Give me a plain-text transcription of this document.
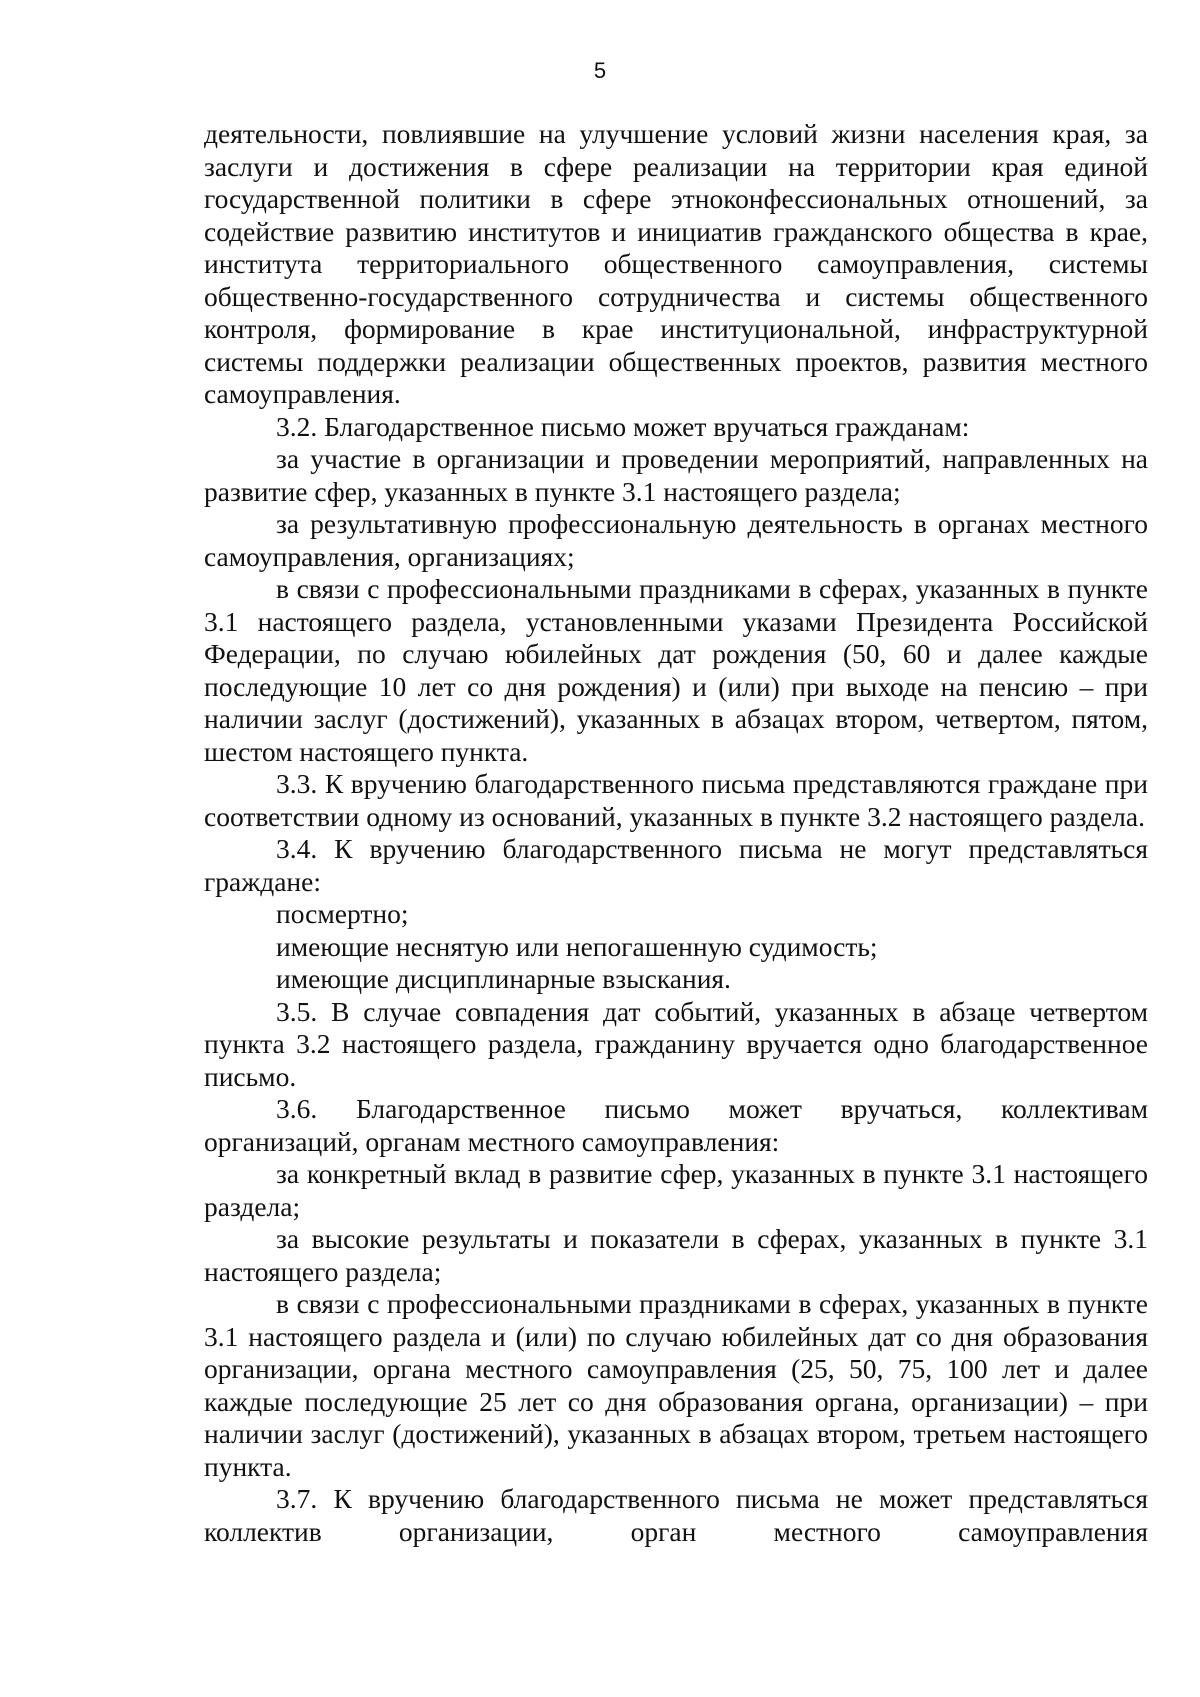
5

деятельности, повлиявшие на улучшение условий жизни населения края, за заслуги и достижения в сфере реализации на территории края единой государственной политики в сфере этноконфессиональных отношений, за содействие развитию институтов и инициатив гражданского общества в крае, института территориального общественного самоуправления, системы общественно-государственного сотрудничества и системы общественного контроля, формирование в крае институциональной, инфраструктурной системы поддержки реализации общественных проектов, развития местного самоуправления.

3.2. Благодарственное письмо может вручаться гражданам:

за участие в организации и проведении мероприятий, направленных на развитие сфер, указанных в пункте 3.1 настоящего раздела;

за результативную профессиональную деятельность в органах местного самоуправления, организациях;

в связи с профессиональными праздниками в сферах, указанных в пункте 3.1 настоящего раздела, установленными указами Президента Российской Федерации, по случаю юбилейных дат рождения (50, 60 и далее каждые последующие 10 лет со дня рождения) и (или) при выходе на пенсию – при наличии заслуг (достижений), указанных в абзацах втором, четвертом, пятом, шестом настоящего пункта.

3.3. К вручению благодарственного письма представляются граждане при соответствии одному из оснований, указанных в пункте 3.2 настоящего раздела.

3.4. К вручению благодарственного письма не могут представляться граждане:

посмертно;

имеющие неснятую или непогашенную судимость;

имеющие дисциплинарные взыскания.

3.5. В случае совпадения дат событий, указанных в абзаце четвертом пункта 3.2 настоящего раздела, гражданину вручается одно благодарственное письмо.

3.6. Благодарственное письмо может вручаться, коллективам организаций, органам местного самоуправления:

за конкретный вклад в развитие сфер, указанных в пункте 3.1 настоящего раздела;

за высокие результаты и показатели в сферах, указанных в пункте 3.1 настоящего раздела;

в связи с профессиональными праздниками в сферах, указанных в пункте 3.1 настоящего раздела и (или) по случаю юбилейных дат со дня образования организации, органа местного самоуправления (25, 50, 75, 100 лет и далее каждые последующие 25 лет со дня образования органа, организации) – при наличии заслуг (достижений), указанных в абзацах втором, третьем настоящего пункта.

3.7. К вручению благодарственного письма не может представляться коллектив организации, орган местного самоуправления
